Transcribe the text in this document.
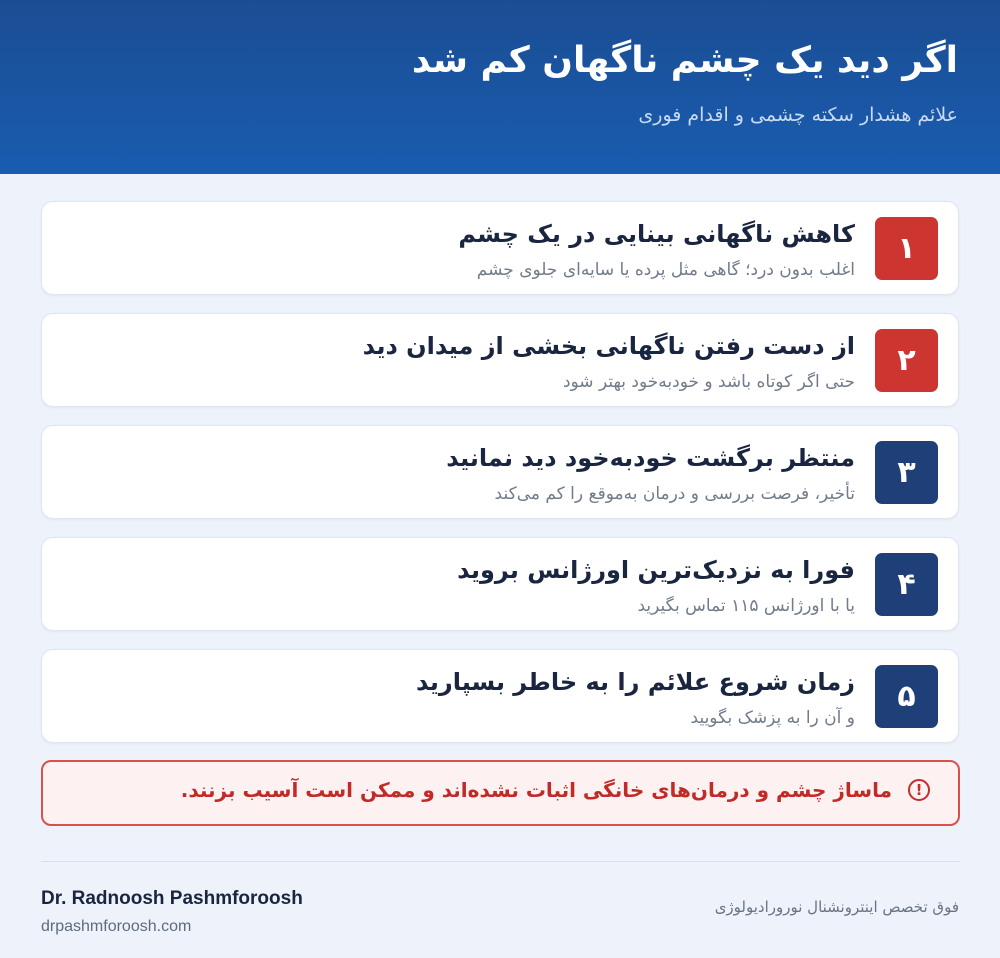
اگر دید یک چشم ناگهان کم شد
علائم هشدار سکته چشمی و اقدام فوری
۱
کاهش ناگهانی بینایی در یک چشم
اغلب بدون درد؛ گاهی مثل پرده یا سایه‌ای جلوی چشم
۲
از دست رفتن ناگهانی بخشی از میدان دید
حتی اگر کوتاه باشد و خودبه‌خود بهتر شود
۳
منتظر برگشت خودبه‌خود دید نمانید
تأخیر، فرصت بررسی و درمان به‌موقع را کم می‌کند
۴
فورا به نزدیک‌ترین اورژانس بروید
یا با اورژانس ۱۱۵ تماس بگیرید
۵
زمان شروع علائم را به خاطر بسپارید
و آن را به پزشک بگویید
!
ماساژ چشم و درمان‌های خانگی اثبات نشده‌اند و ممکن است آسیب بزنند.
Dr. Radnoosh Pashmforoosh
drpashmforoosh.com
فوق تخصص اینترونشنال نورورادیولوژی
